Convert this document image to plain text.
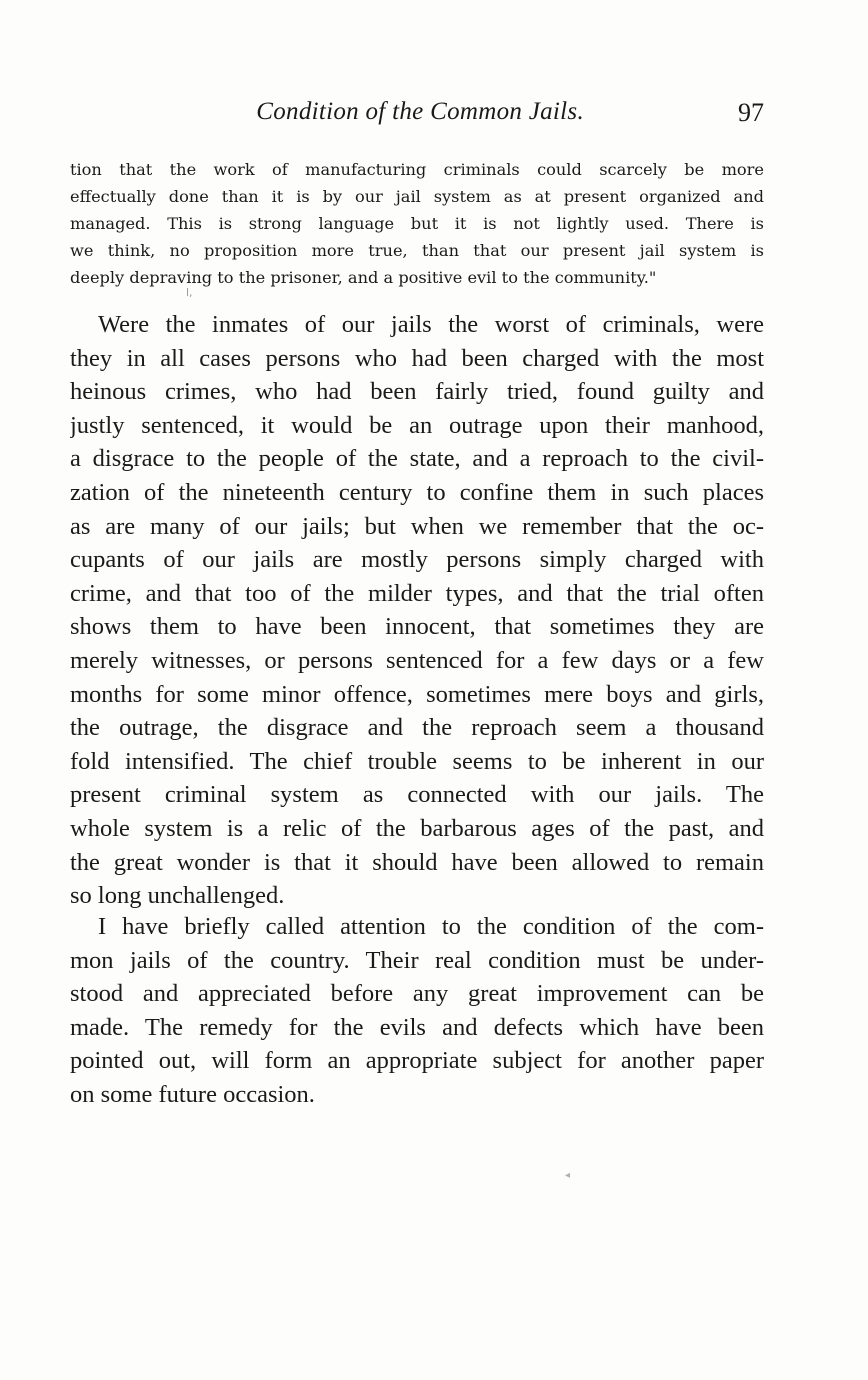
Condition of the Common Jails.	97
tion that the work of manufacturing criminals could scarcely be more
effectually done than it is by our jail system as at present organized and
managed. This is strong language but it is not lightly used. There is
we think, no proposition more true, than that our present jail system is
deeply depraving to the prisoner, and a positive evil to the community."
l,
Were the inmates of our jails the worst of criminals, were
they in all cases persons who had been charged with the most
heinous crimes, who had been fairly tried, found guilty and
justly sentenced, it would be an outrage upon their manhood,
a disgrace to the people of the state, and a reproach to the civil-
zation of the nineteenth century to confine them in such places
as are many of our jails; but when we remember that the oc-
cupants of our jails are mostly persons simply charged with
crime, and that too of the milder types, and that the trial often
shows them to have been innocent, that sometimes they are
merely witnesses, or persons sentenced for a few days or a few
months for some minor offence, sometimes mere boys and girls,
the outrage, the disgrace and the reproach seem a thousand
fold intensified. The chief trouble seems to be inherent in our
present criminal system as connected with our jails. The
whole system is a relic of the barbarous ages of the past, and
the great wonder is that it should have been allowed to remain
so long unchallenged.
I have briefly called attention to the condition of the com-
mon jails of the country. Their real condition must be under-
stood and appreciated before any great improvement can be
made. The remedy for the evils and defects which have been
pointed out, will form an appropriate subject for another paper
on some future occasion.
◂
